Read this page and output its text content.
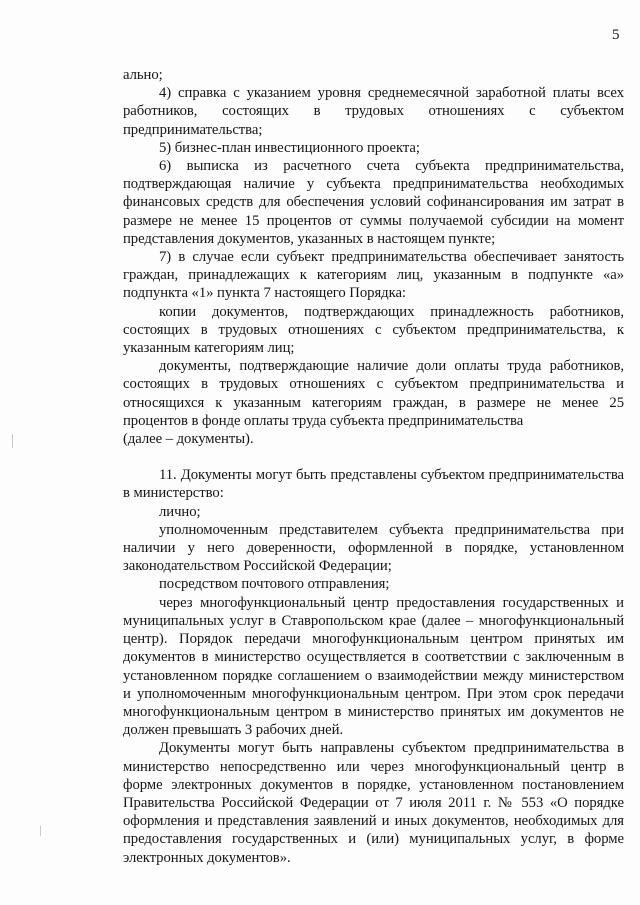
5

ально;

4) справка с указанием уровня среднемесячной заработной платы всех работников, состоящих в трудовых отношениях с субъектом предпринимательства;

5) бизнес-план инвестиционного проекта;

6) выписка из расчетного счета субъекта предпринимательства, подтверждающая наличие у субъекта предпринимательства необходимых финансовых средств для обеспечения условий софинансирования им затрат в размере не менее 15 процентов от суммы получаемой субсидии на момент представления документов, указанных в настоящем пункте;

7) в случае если субъект предпринимательства обеспечивает занятость граждан, принадлежащих к категориям лиц, указанным в подпункте «а» подпункта «1» пункта 7 настоящего Порядка:

копии документов, подтверждающих принадлежность работников, состоящих в трудовых отношениях с субъектом предпринимательства, к указанным категориям лиц;

документы, подтверждающие наличие доли оплаты труда работников, состоящих в трудовых отношениях с субъектом предпринимательства и относящихся к указанным категориям граждан, в размере не менее 25 процентов в фонде оплаты труда субъекта предпринимательства

(далее – документы).

11. Документы могут быть представлены субъектом предпринимательства в министерство:

лично;

уполномоченным представителем субъекта предпринимательства при наличии у него доверенности, оформленной в порядке, установленном законодательством Российской Федерации;

посредством почтового отправления;

через многофункциональный центр предоставления государственных и муниципальных услуг в Ставропольском крае (далее – многофункциональный центр). Порядок передачи многофункциональным центром принятых им документов в министерство осуществляется в соответствии с заключенным в установленном порядке соглашением о взаимодействии между министерством и уполномоченным многофункциональным центром. При этом срок передачи многофункциональным центром в министерство принятых им документов не должен превышать 3 рабочих дней.

Документы могут быть направлены субъектом предпринимательства в министерство непосредственно или через многофункциональный центр в форме электронных документов в порядке, установленном постановлением Правительства Российской Федерации от 7 июля 2011 г. № 553 «О порядке оформления и представления заявлений и иных документов, необходимых для предоставления государственных и (или) муниципальных услуг, в форме электронных документов».
